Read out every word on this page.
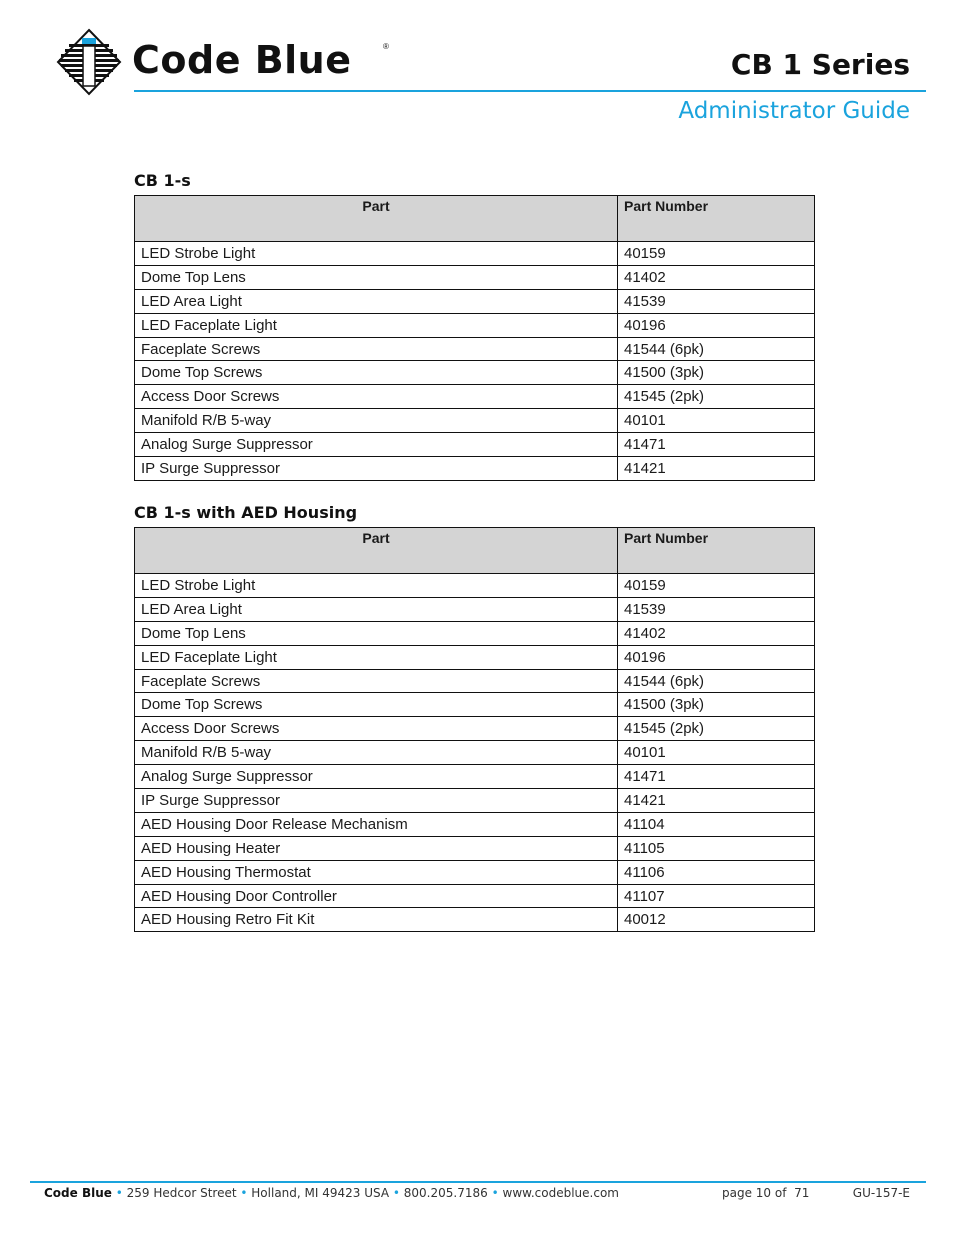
Code Blue	®
CB 1 Series
Administrator Guide
CB 1-s
Part	Part Number
LED Strobe Light	40159
Dome Top Lens	41402
LED Area Light	41539
LED Faceplate Light	40196
Faceplate Screws	41544 (6pk)
Dome Top Screws	41500 (3pk)
Access Door Screws	41545 (2pk)
Manifold R/B 5-way	40101
Analog Surge Suppressor	41471
IP Surge Suppressor	41421
CB 1-s with AED Housing
Part	Part Number
LED Strobe Light	40159
LED Area Light	41539
Dome Top Lens	41402
LED Faceplate Light	40196
Faceplate Screws	41544 (6pk)
Dome Top Screws	41500 (3pk)
Access Door Screws	41545 (2pk)
Manifold R/B 5-way	40101
Analog Surge Suppressor	41471
IP Surge Suppressor	41421
AED Housing Door Release Mechanism	41104
AED Housing Heater	41105
AED Housing Thermostat	41106
AED Housing Door Controller	41107
AED Housing Retro Fit Kit	40012
Code Blue • 259 Hedcor Street • Holland, MI 49423 USA • 800.205.7186 • www.codeblue.com	page 10 of  71	GU-157-E
